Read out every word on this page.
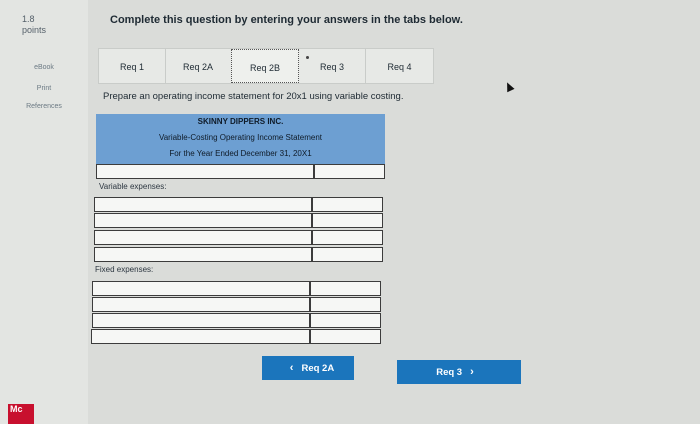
1.8
points
eBook
Print
References
Mc
Complete this question by entering your answers in the tabs below.
Req 1	Req 2A	Req 2B	Req 3	Req 4
Prepare an operating income statement for 20x1 using variable costing.
SKINNY DIPPERS INC.
Variable-Costing Operating Income Statement
For the Year Ended December 31, 20X1
Variable expenses:
Fixed expenses:
‹ Req 2A	Req 3 ›
